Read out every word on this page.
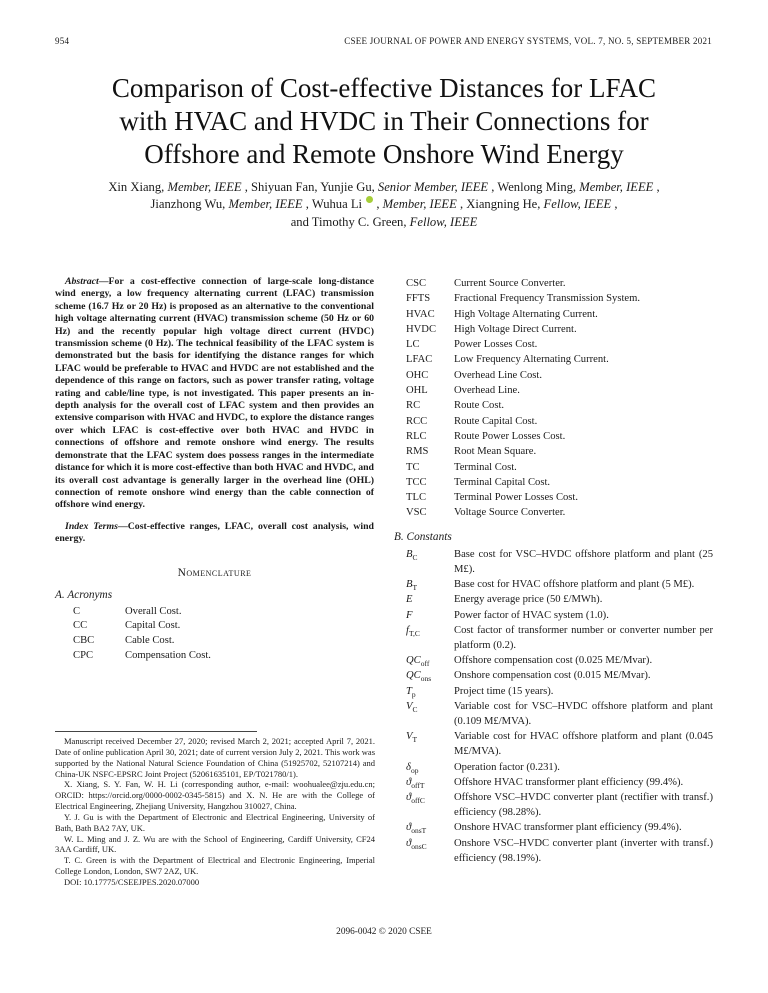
954	CSEE JOURNAL OF POWER AND ENERGY SYSTEMS, VOL. 7, NO. 5, SEPTEMBER 2021
Comparison of Cost-effective Distances for LFAC
with HVAC and HVDC in Their Connections for
Offshore and Remote Onshore Wind Energy
Xin Xiang, Member, IEEE , Shiyuan Fan, Yunjie Gu, Senior Member, IEEE , Wenlong Ming, Member, IEEE ,
Jianzhong Wu, Member, IEEE , Wuhua Li , Member, IEEE , Xiangning He, Fellow, IEEE ,
and Timothy C. Green, Fellow, IEEE

Abstract—For a cost-effective connection of large-scale long-distance wind energy, a low frequency alternating current (LFAC) transmission scheme (16.7 Hz or 20 Hz) is proposed as an alternative to the conventional high voltage alternating current (HVAC) transmission scheme (50 Hz or 60 Hz) and the recently popular high voltage direct current (HVDC) transmission scheme (0 Hz). The technical feasibility of the LFAC system is demonstrated but the basis for identifying the distance ranges for which LFAC would be preferable to HVAC and HVDC are not established and the dependence of this range on factors, such as power transfer rating, voltage rating and cable/line type, is not investigated. This paper presents an in-depth analysis for the overall cost of LFAC system and then provides an extensive comparison with HVAC and HVDC, to explore the distance ranges over which LFAC is cost-effective over both HVAC and HVDC in connections of offshore and remote onshore wind energy. The results demonstrate that the LFAC system does possess ranges in the intermediate distance for which it is more cost-effective than both HVAC and HVDC, and its overall cost advantage is generally larger in the overhead line (OHL) connection of remote onshore wind energy than the cable connection of offshore wind energy.

Index Terms—Cost-effective ranges, LFAC, overall cost analysis, wind energy.

Nomenclature
A. Acronyms
C	Overall Cost.
CC	Capital Cost.
CBC	Cable Cost.
CPC	Compensation Cost.
CSC	Current Source Converter.
FFTS	Fractional Frequency Transmission System.
HVAC	High Voltage Alternating Current.
HVDC	High Voltage Direct Current.
LC	Power Losses Cost.
LFAC	Low Frequency Alternating Current.
OHC	Overhead Line Cost.
OHL	Overhead Line.
RC	Route Cost.
RCC	Route Capital Cost.
RLC	Route Power Losses Cost.
RMS	Root Mean Square.
TC	Terminal Cost.
TCC	Terminal Capital Cost.
TLC	Terminal Power Losses Cost.
VSC	Voltage Source Converter.
B. Constants
$B_C$	Base cost for VSC–HVDC offshore platform and plant (25 M£).
$B_T$	Base cost for HVAC offshore platform and plant (5 M£).
E	Energy average price (50 £/MWh).
F	Power factor of HVAC system (1.0).
$f_{T,C}$	Cost factor of transformer number or converter number per platform (0.2).
$QC_{off}$	Offshore compensation cost (0.025 M£/Mvar).
$QC_{ons}$	Onshore compensation cost (0.015 M£/Mvar).
$T_p$	Project time (15 years).
$V_C$	Variable cost for VSC–HVDC offshore platform and plant (0.109 M£/MVA).
$V_T$	Variable cost for HVAC offshore platform and plant (0.045 M£/MVA).
$\delta_{op}$	Operation factor (0.231).
$ϑ_{offT}$	Offshore HVAC transformer plant efficiency (99.4%).
$ϑ_{offC}$	Offshore VSC–HVDC converter plant (rectifier with transf.) efficiency (98.28%).
$ϑ_{onsT}$	Onshore HVAC transformer plant efficiency (99.4%).
$ϑ_{onsC}$	Onshore VSC–HVDC converter plant (inverter with transf.) efficiency (98.19%).

Manuscript received December 27, 2020; revised March 2, 2021; accepted April 7, 2021. Date of online publication April 30, 2021; date of current version July 2, 2021. This work was supported by the National Natural Science Foundation of China (51925702, 52107214) and China-UK NSFC-EPSRC Joint Project (52061635101, EP/T021780/1).

X. Xiang, S. Y. Fan, W. H. Li (corresponding author, e-mail: woohualee@zju.edu.cn; ORCID: https://orcid.org/0000-0002-0345-5815) and X. N. He are with the College of Electrical Engineering, Zhejiang University, Hangzhou 310027, China.

Y. J. Gu is with the Department of Electronic and Electrical Engineering, University of Bath, Bath BA2 7AY, UK.

W. L. Ming and J. Z. Wu are with the School of Engineering, Cardiff University, CF24 3AA Cardiff, UK.

T. C. Green is with the Department of Electrical and Electronic Engineering, Imperial College London, London, SW7 2AZ, UK.

DOI: 10.17775/CSEEJPES.2020.07000

2096-0042 © 2020 CSEE
